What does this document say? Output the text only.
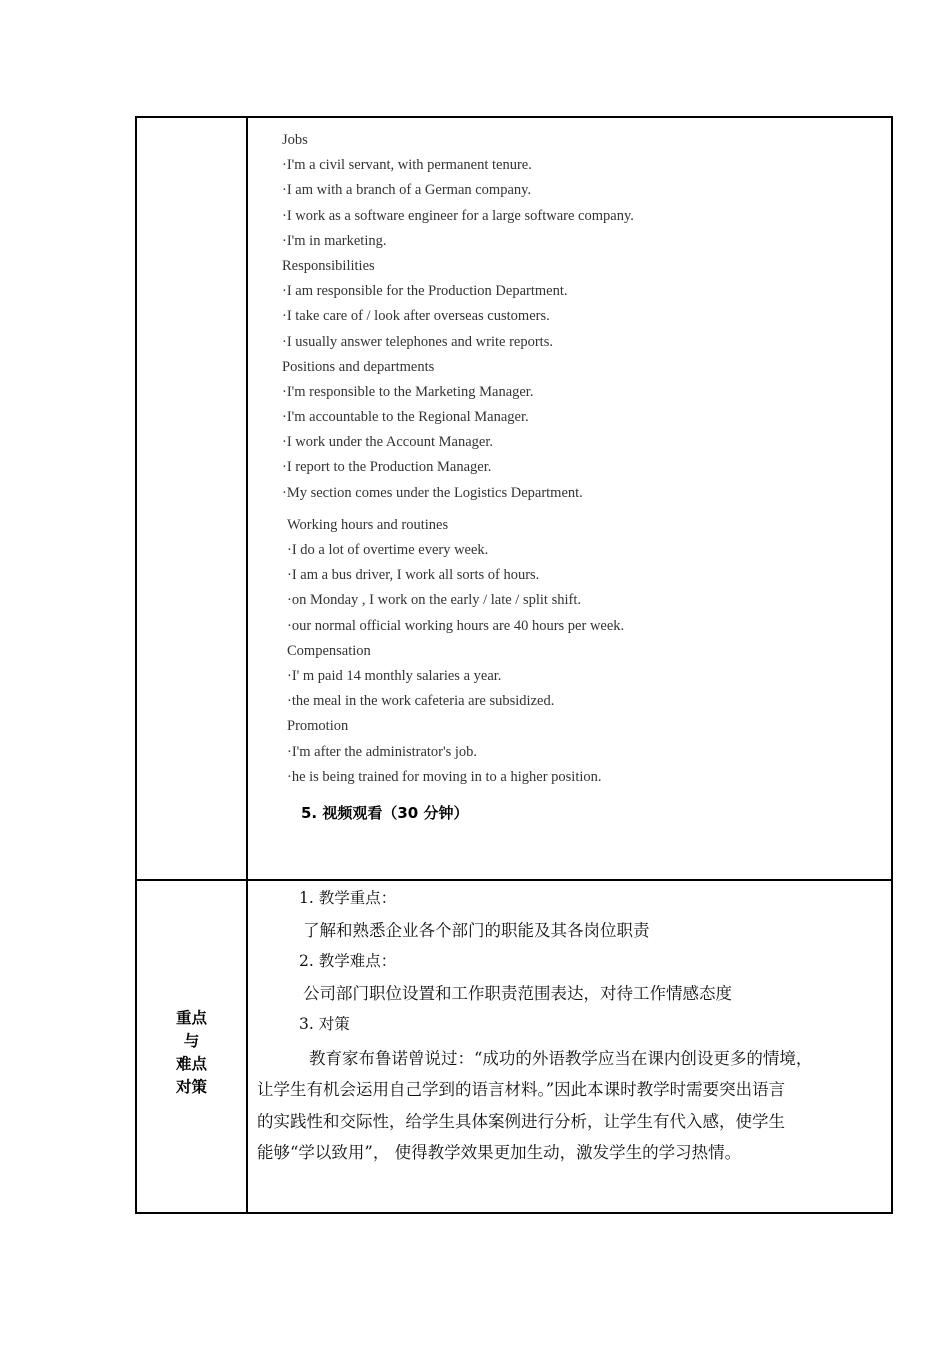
Jobs
·I'm a civil servant, with permanent tenure.
·I am with a branch of a German company.
·I work as a software engineer for a large software company.
·I'm in marketing.
Responsibilities
·I am responsible for the Production Department.
·I take care of / look after overseas customers.
·I usually answer telephones and write reports.
Positions and departments
·I'm responsible to the Marketing Manager.
·I'm accountable to the Regional Manager.
·I work under the Account Manager.
·I report to the Production Manager.
·My section comes under the Logistics Department.
Working hours and routines
·I do a lot of overtime every week.
·I am a bus driver, I work all sorts of hours.
·on Monday , I work on the early / late / split shift.
·our normal official working hours are 40 hours per week.
Compensation
·I' m paid 14 monthly salaries a year.
·the meal in the work cafeteria are subsidized.
Promotion
·I'm after the administrator's job.
·he is being trained for moving in to a higher position.
5. 视频观看（30 分钟）
重点
与
难点
对策
1. 教学重点：
了解和熟悉企业各个部门的职能及其各岗位职责
2. 教学难点：
公司部门职位设置和工作职责范围表达，对待工作情感态度
3. 对策
教育家布鲁诺曾说过：“成功的外语教学应当在课内创设更多的情境，
让学生有机会运用自己学到的语言材料。”因此本课时教学时需要突出语言
的实践性和交际性，给学生具体案例进行分析，让学生有代入感，使学生
能够“学以致用”， 使得教学效果更加生动，激发学生的学习热情。
